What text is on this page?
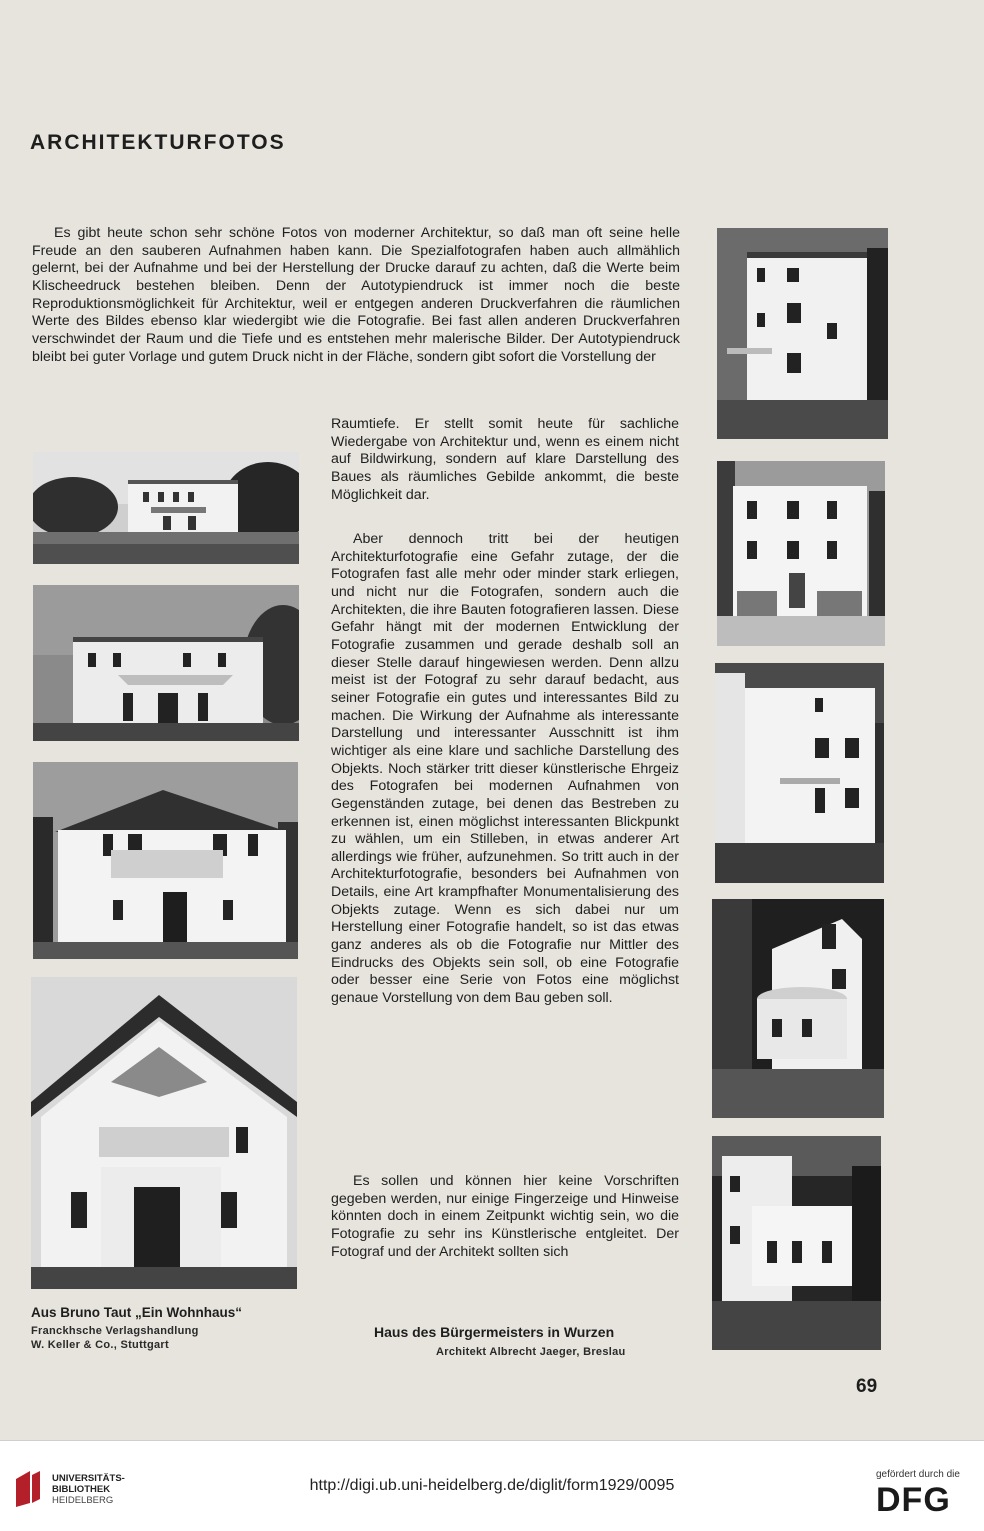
ARCHITEKTURFOTOS

Es gibt heute schon sehr schöne Fotos von moderner Architektur, so daß man oft seine helle Freude an den sauberen Aufnahmen haben kann. Die Spezialfotografen haben auch allmählich gelernt, bei der Aufnahme und bei der Herstellung der Drucke darauf zu achten, daß die Werte beim Klischeedruck bestehen bleiben. Denn der Autotypiendruck ist immer noch die beste Reproduktionsmöglichkeit für Architektur, weil er entgegen anderen Druckverfahren die räumlichen Werte des Bildes ebenso klar wiedergibt wie die Fotografie. Bei fast allen anderen Druckverfahren verschwindet der Raum und die Tiefe und es entstehen mehr malerische Bilder. Der Autotypiendruck bleibt bei guter Vorlage und gutem Druck nicht in der Fläche, sondern gibt sofort die Vorstellung der

Raumtiefe. Er stellt somit heute für sachliche Wiedergabe von Architektur und, wenn es einem nicht auf Bildwirkung, sondern auf klare Darstellung des Baues als räumliches Gebilde ankommt, die beste Möglichkeit dar.

Aber dennoch tritt bei der heutigen Architekturfotografie eine Gefahr zutage, der die Fotografen fast alle mehr oder minder stark erliegen, und nicht nur die Fotografen, sondern auch die Architekten, die ihre Bauten fotografieren lassen. Diese Gefahr hängt mit der modernen Entwicklung der Fotografie zusammen und gerade deshalb soll an dieser Stelle darauf hingewiesen werden. Denn allzu meist ist der Fotograf zu sehr darauf bedacht, aus seiner Fotografie ein gutes und interessantes Bild zu machen. Die Wirkung der Aufnahme als interessante Darstellung und interessanter Ausschnitt ist ihm wichtiger als eine klare und sachliche Darstellung des Objekts. Noch stärker tritt dieser künstlerische Ehrgeiz des Fotografen bei modernen Aufnahmen von Gegenständen zutage, bei denen das Bestreben zu erkennen ist, einen möglichst interessanten Blickpunkt zu wählen, um ein Stilleben, in etwas anderer Art allerdings wie früher, aufzunehmen. So tritt auch in der Architekturfotografie, besonders bei Aufnahmen von Details, eine Art krampfhafter Monumentalisierung des Objekts zutage. Wenn es sich dabei nur um Herstellung einer Fotografie handelt, so ist das etwas ganz anderes als ob die Fotografie nur Mittler des Eindrucks des Objekts sein soll, ob eine Fotografie oder besser eine Serie von Fotos eine möglichst genaue Vorstellung von dem Bau geben soll.

Es sollen und können hier keine Vorschriften gegeben werden, nur einige Fingerzeige und Hinweise könnten doch in einem Zeitpunkt wichtig sein, wo die Fotografie zu sehr ins Künstlerische entgleitet. Der Fotograf und der Architekt sollten sich

Aus Bruno Taut „Ein Wohnhaus“
Franckhsche Verlagshandlung
W. Keller & Co., Stuttgart
Haus des Bürgermeisters in Wurzen
Architekt Albrecht Jaeger, Breslau
69
UNIVERSITÄTS-
BIBLIOTHEK
HEIDELBERG
http://digi.ub.uni-heidelberg.de/diglit/form1929/0095
gefördert durch die
DFG
